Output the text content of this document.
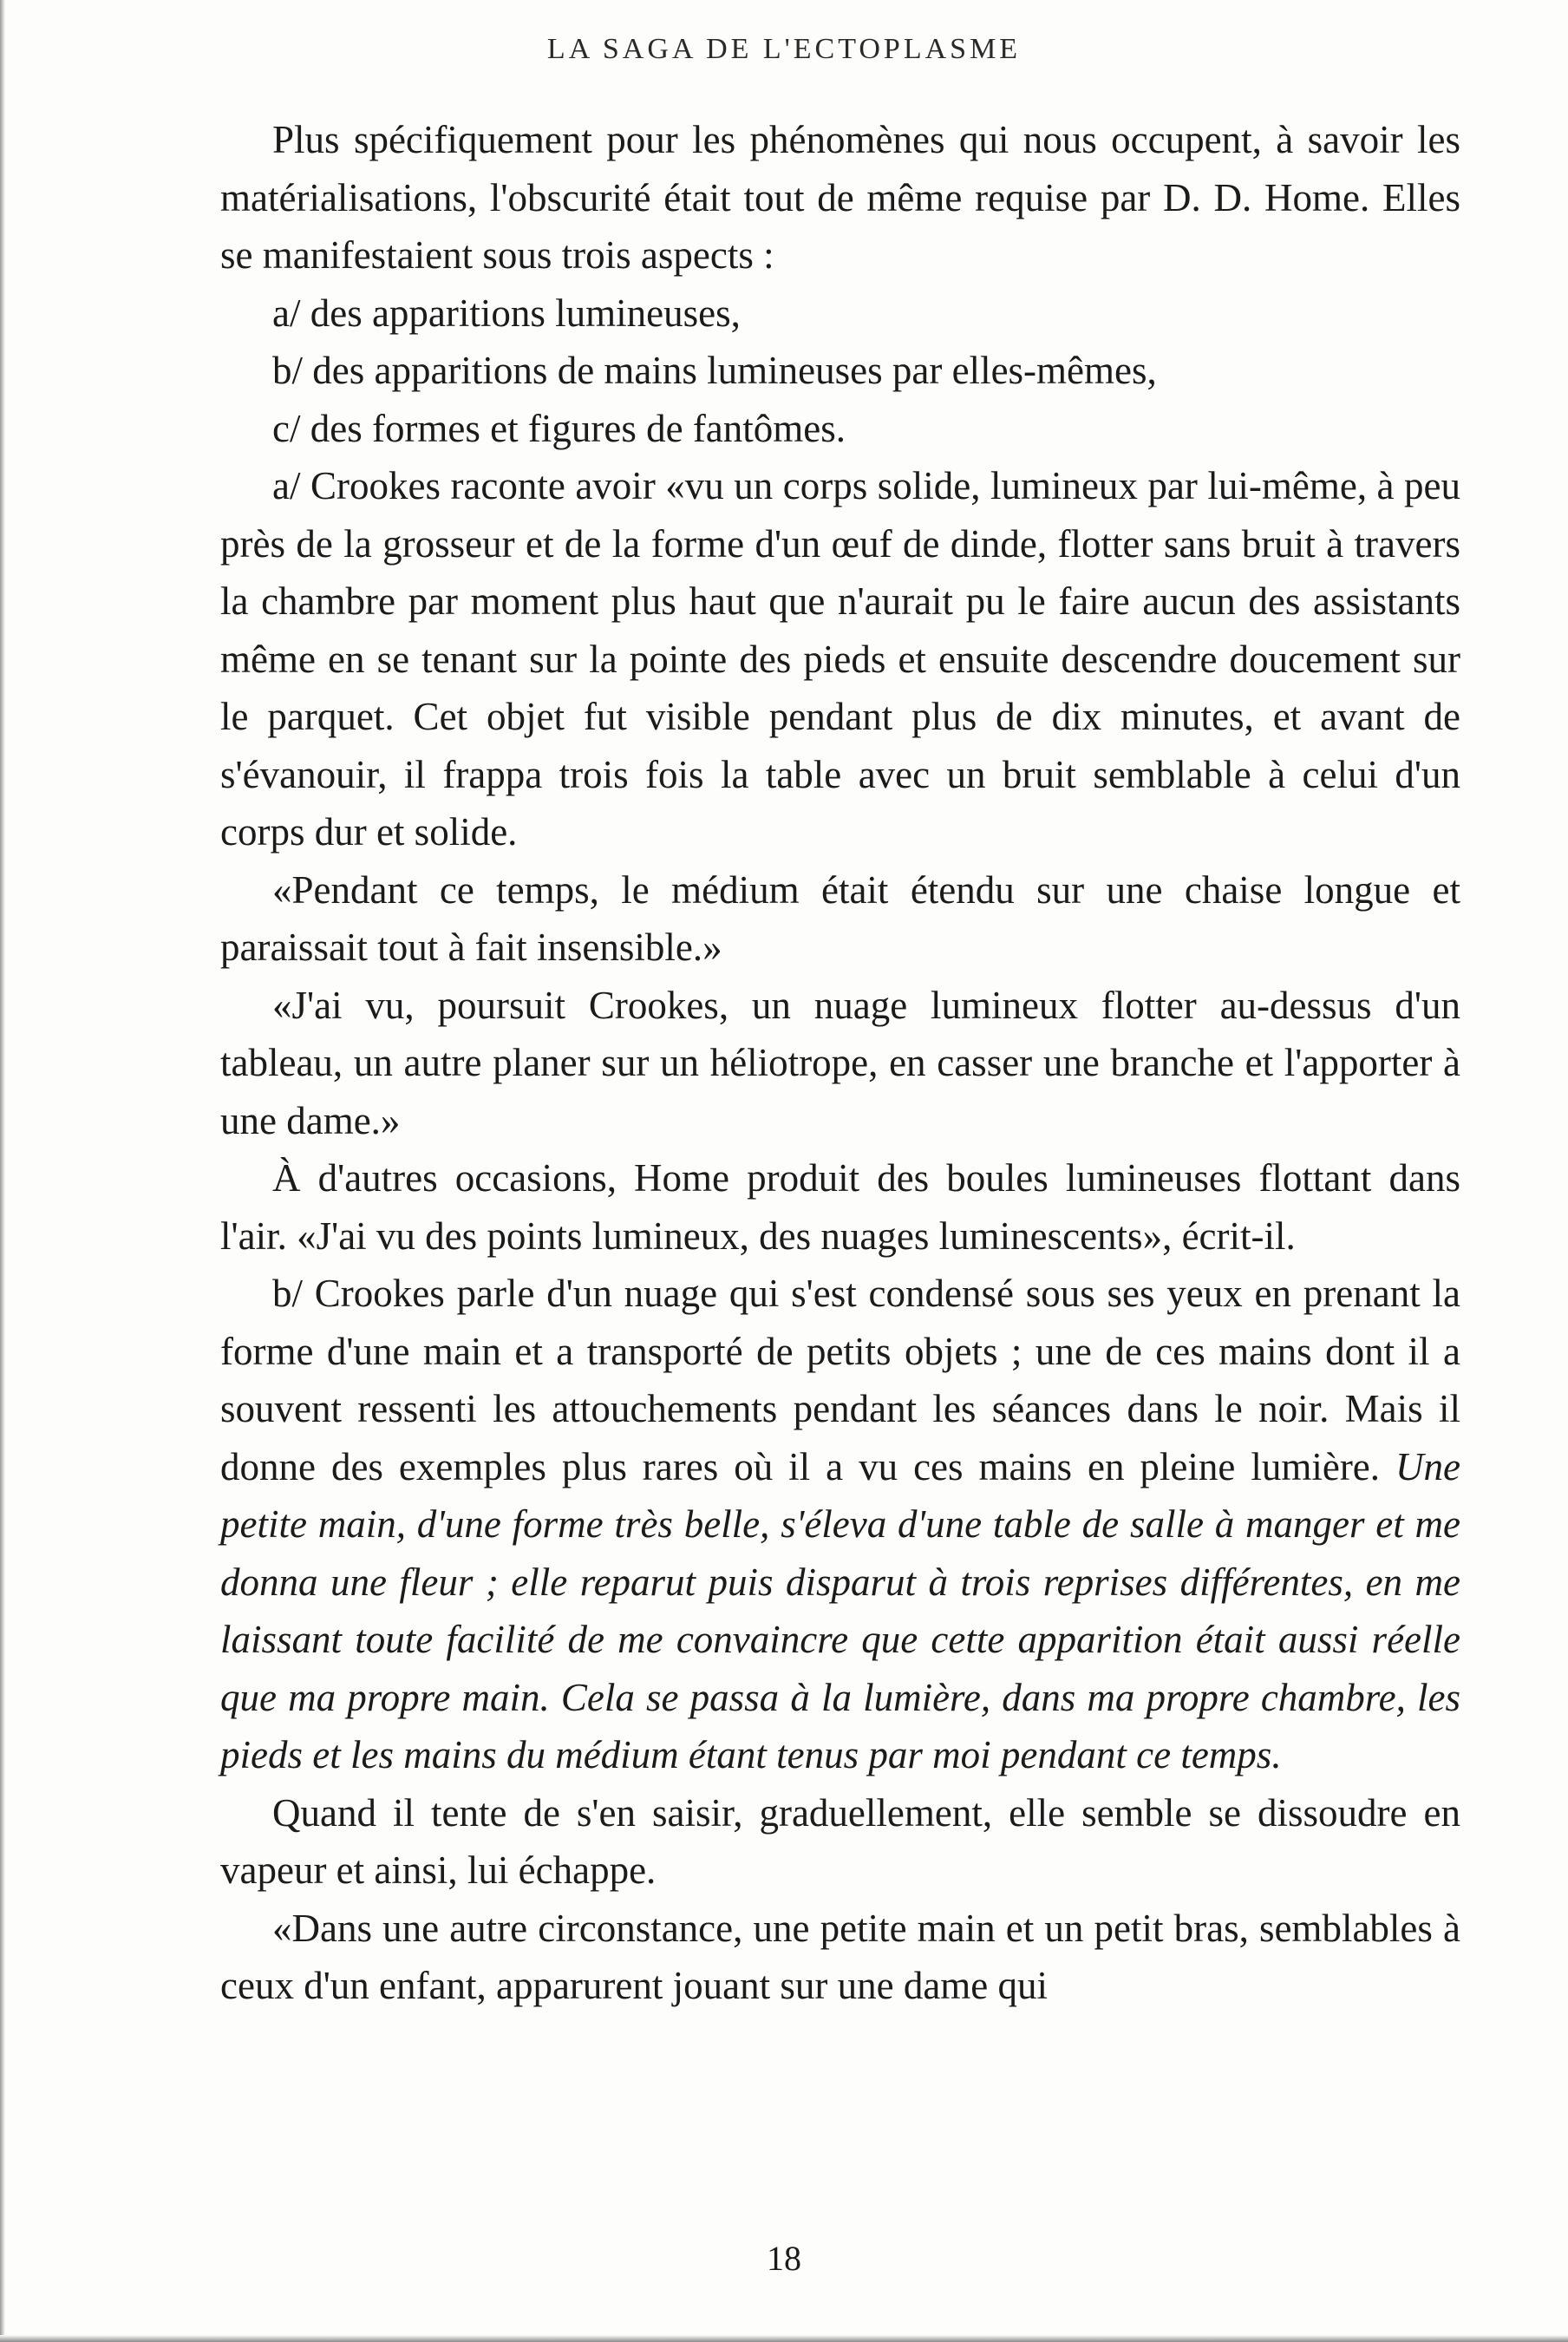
LA SAGA DE L'ECTOPLASME

Plus spécifiquement pour les phénomènes qui nous occupent, à savoir les matérialisations, l'obscurité était tout de même requise par D. D. Home. Elles se manifestaient sous trois aspects :

a/ des apparitions lumineuses,

b/ des apparitions de mains lumineuses par elles-mêmes,

c/ des formes et figures de fantômes.

a/ Crookes raconte avoir «vu un corps solide, lumineux par lui-même, à peu près de la grosseur et de la forme d'un œuf de dinde, flotter sans bruit à travers la chambre par moment plus haut que n'aurait pu le faire aucun des assistants même en se tenant sur la pointe des pieds et ensuite descendre doucement sur le parquet. Cet objet fut visible pendant plus de dix minutes, et avant de s'évanouir, il frappa trois fois la table avec un bruit semblable à celui d'un corps dur et solide.

«Pendant ce temps, le médium était étendu sur une chaise longue et paraissait tout à fait insensible.»

«J'ai vu, poursuit Crookes, un nuage lumineux flotter au-dessus d'un tableau, un autre planer sur un héliotrope, en casser une branche et l'apporter à une dame.»

À d'autres occasions, Home produit des boules lumineuses flottant dans l'air. «J'ai vu des points lumineux, des nuages luminescents», écrit-il.

b/ Crookes parle d'un nuage qui s'est condensé sous ses yeux en prenant la forme d'une main et a transporté de petits objets ; une de ces mains dont il a souvent ressenti les attouchements pendant les séances dans le noir. Mais il donne des exemples plus rares où il a vu ces mains en pleine lumière. Une petite main, d'une forme très belle, s'éleva d'une table de salle à manger et me donna une fleur ; elle reparut puis disparut à trois reprises différentes, en me laissant toute facilité de me convaincre que cette apparition était aussi réelle que ma propre main. Cela se passa à la lumière, dans ma propre chambre, les pieds et les mains du médium étant tenus par moi pendant ce temps.

Quand il tente de s'en saisir, graduellement, elle semble se dissoudre en vapeur et ainsi, lui échappe.

«Dans une autre circonstance, une petite main et un petit bras, semblables à ceux d'un enfant, apparurent jouant sur une dame qui

18
